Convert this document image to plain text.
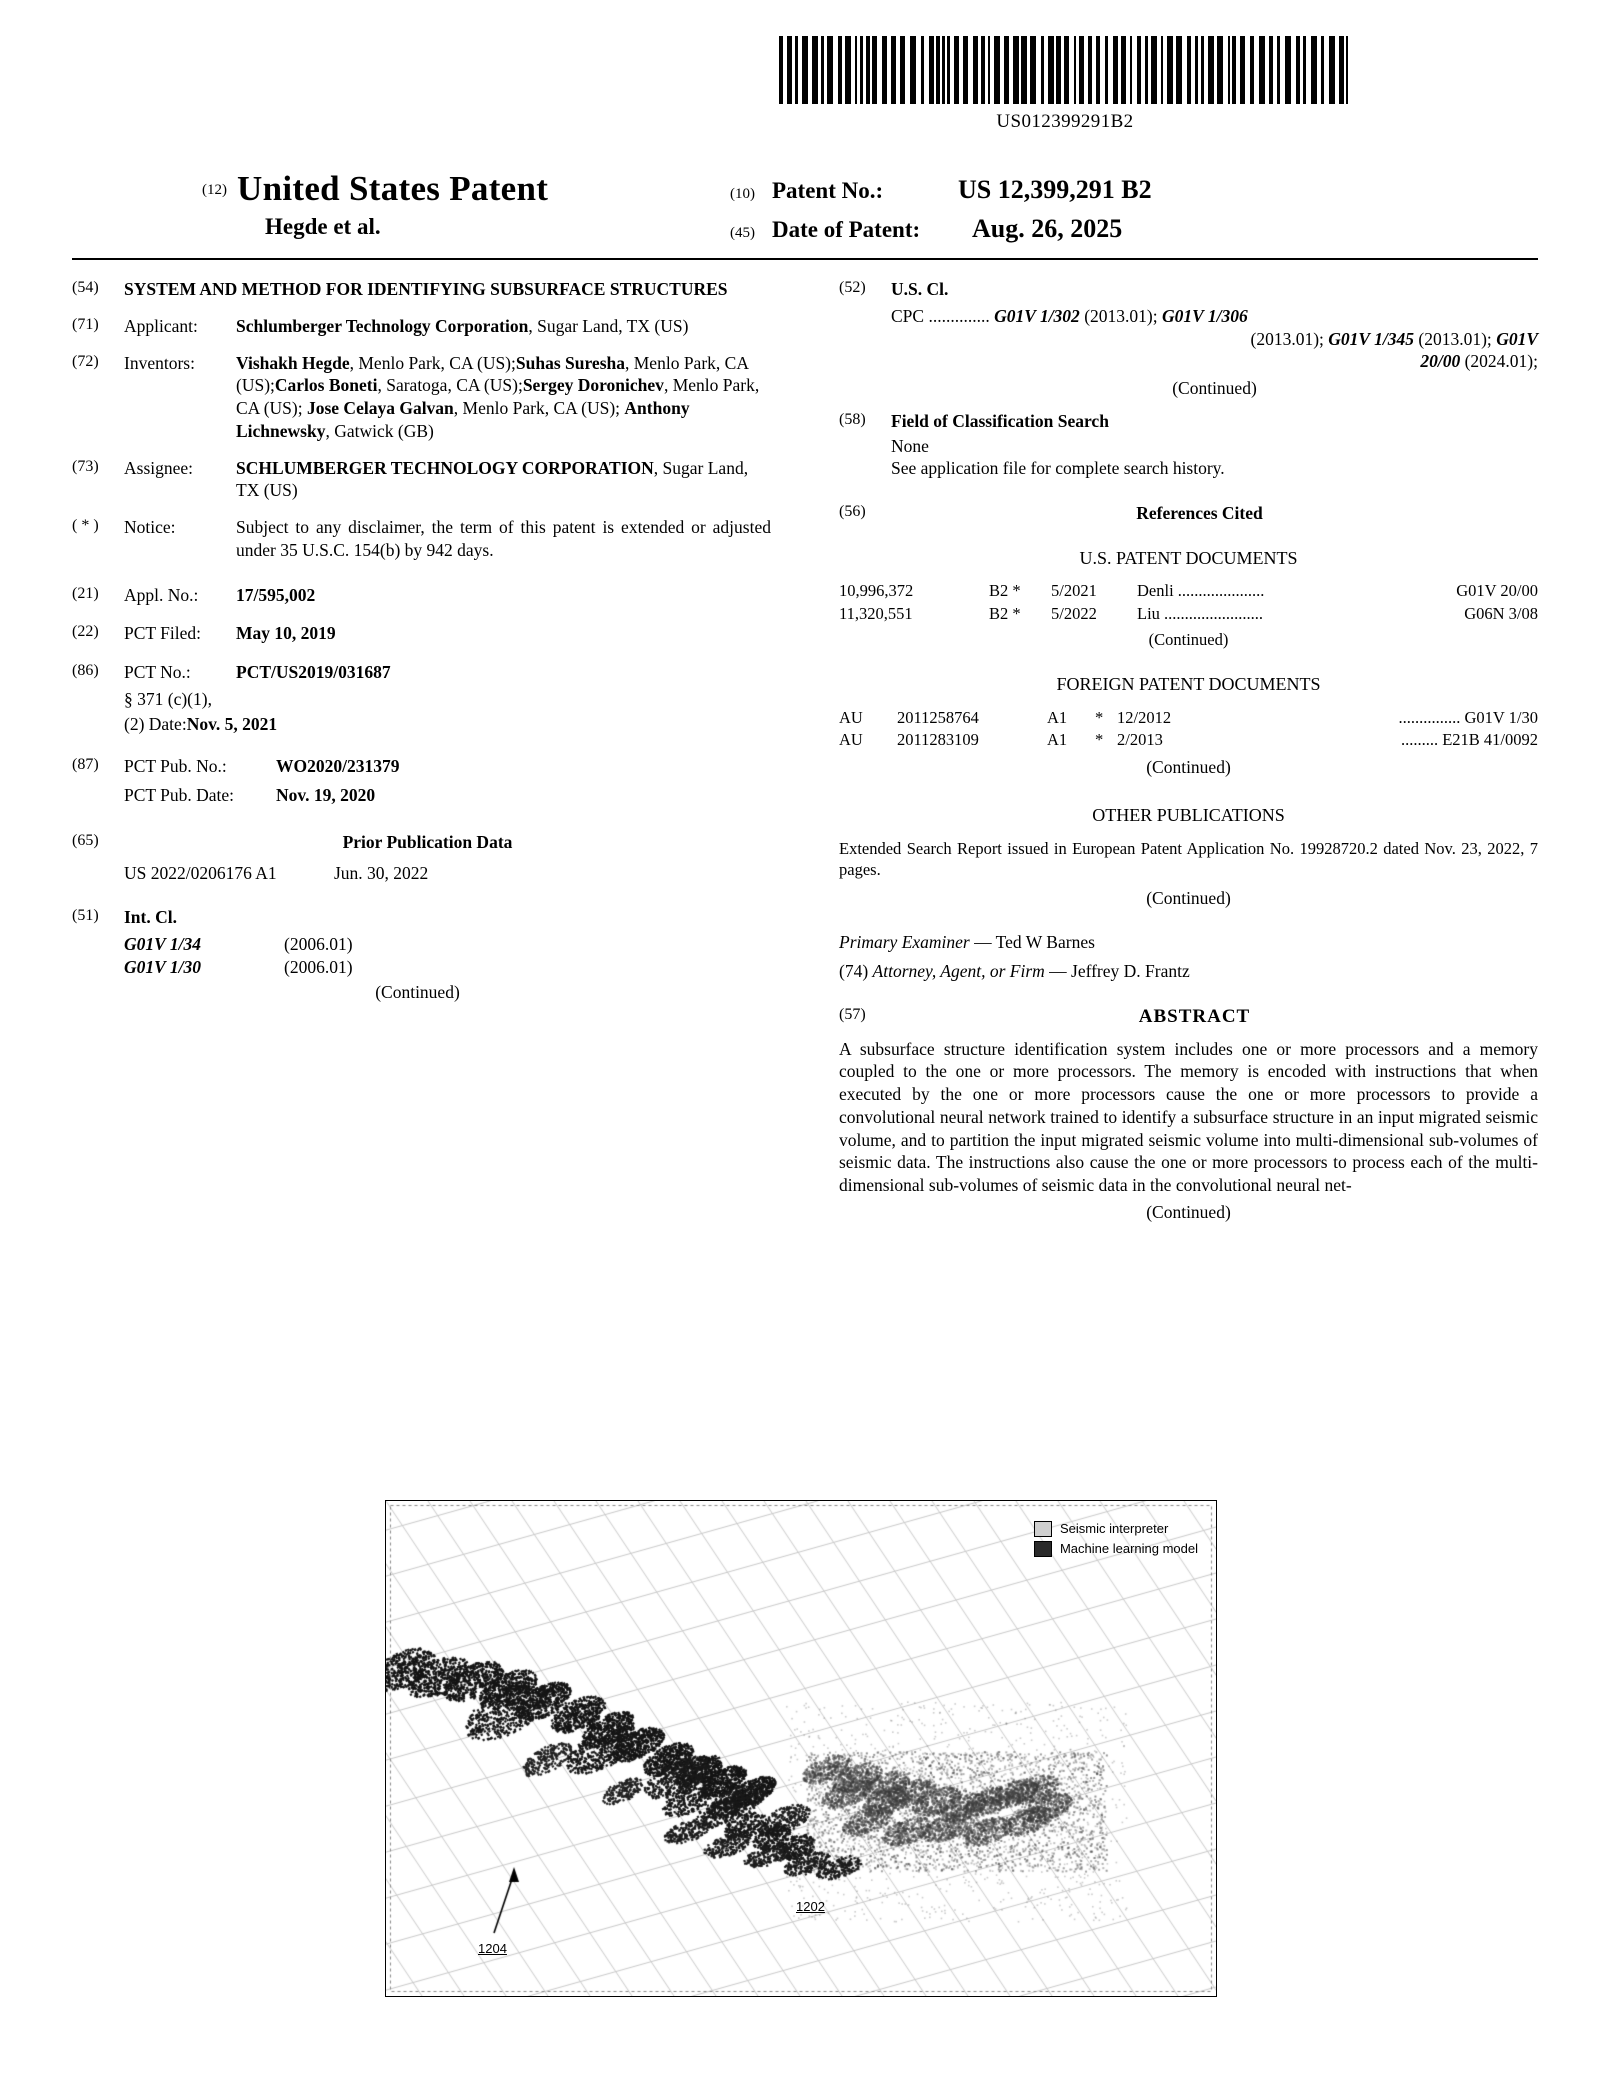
US012399291B2
(12) United States Patent
Hegde et al.
(10) Patent No.:	US 12,399,291 B2
(45) Date of Patent:	Aug. 26, 2025
(54)	SYSTEM AND METHOD FOR IDENTIFYING SUBSURFACE STRUCTURES
(71)	Applicant:	Schlumberger Technology Corporation, Sugar Land, TX (US)
(72)	Inventors:	Vishakh Hegde, Menlo Park, CA (US);Suhas Suresha, Menlo Park, CA (US);Carlos Boneti, Saratoga, CA (US);Sergey Doronichev, Menlo Park, CA (US); Jose Celaya Galvan, Menlo Park, CA (US); Anthony Lichnewsky, Gatwick (GB)
(73)	Assignee:	SCHLUMBERGER TECHNOLOGY CORPORATION, Sugar Land, TX (US)
( * )	Notice:	Subject to any disclaimer, the term of this patent is extended or adjusted under 35 U.S.C. 154(b) by 942 days.
(21)	Appl. No.:	17/595,002
(22)	PCT Filed:	May 10, 2019
(86)	PCT No.:	PCT/US2019/031687
§ 371 (c)(1),
(2) Date: Nov. 5, 2021
(87)	PCT Pub. No.:	WO2020/231379
PCT Pub. Date:	Nov. 19, 2020
(65)	Prior Publication Data
US 2022/0206176 A1	Jun. 30, 2022
(51)	Int. Cl.
G01V 1/34	(2006.01)
G01V 1/30	(2006.01)
(Continued)
(52)	U.S. Cl.
CPC .............. G01V 1/302 (2013.01); G01V 1/306
(2013.01); G01V 1/345 (2013.01); G01V
20/00 (2024.01);
(Continued)
(58)	Field of Classification Search
None
See application file for complete search history.
(56)	References Cited
U.S. PATENT DOCUMENTS
10,996,372	B2 *	5/2021	Denli .....................	G01V 20/00
11,320,551	B2 *	5/2022	Liu ........................	G06N 3/08
(Continued)
FOREIGN PATENT DOCUMENTS
AU	2011258764	A1	* 12/2012	............... G01V 1/30
AU	2011283109	A1	* 2/2013	......... E21B 41/0092
(Continued)
OTHER PUBLICATIONS
Extended Search Report issued in European Patent Application No. 19928720.2 dated Nov. 23, 2022, 7 pages.
(Continued)
Primary Examiner — Ted W Barnes
(74) Attorney, Agent, or Firm — Jeffrey D. Frantz
(57)	ABSTRACT
A subsurface structure identification system includes one or more processors and a memory coupled to the one or more processors. The memory is encoded with instructions that when executed by the one or more processors cause the one or more processors to provide a convolutional neural network trained to identify a subsurface structure in an input migrated seismic volume, and to partition the input migrated seismic volume into multi-dimensional sub-volumes of seismic data. The instructions also cause the one or more processors to process each of the multi-dimensional sub-volumes of seismic data in the convolutional neural net-
(Continued)
Seismic interpreter
Machine learning model
1202
1204
